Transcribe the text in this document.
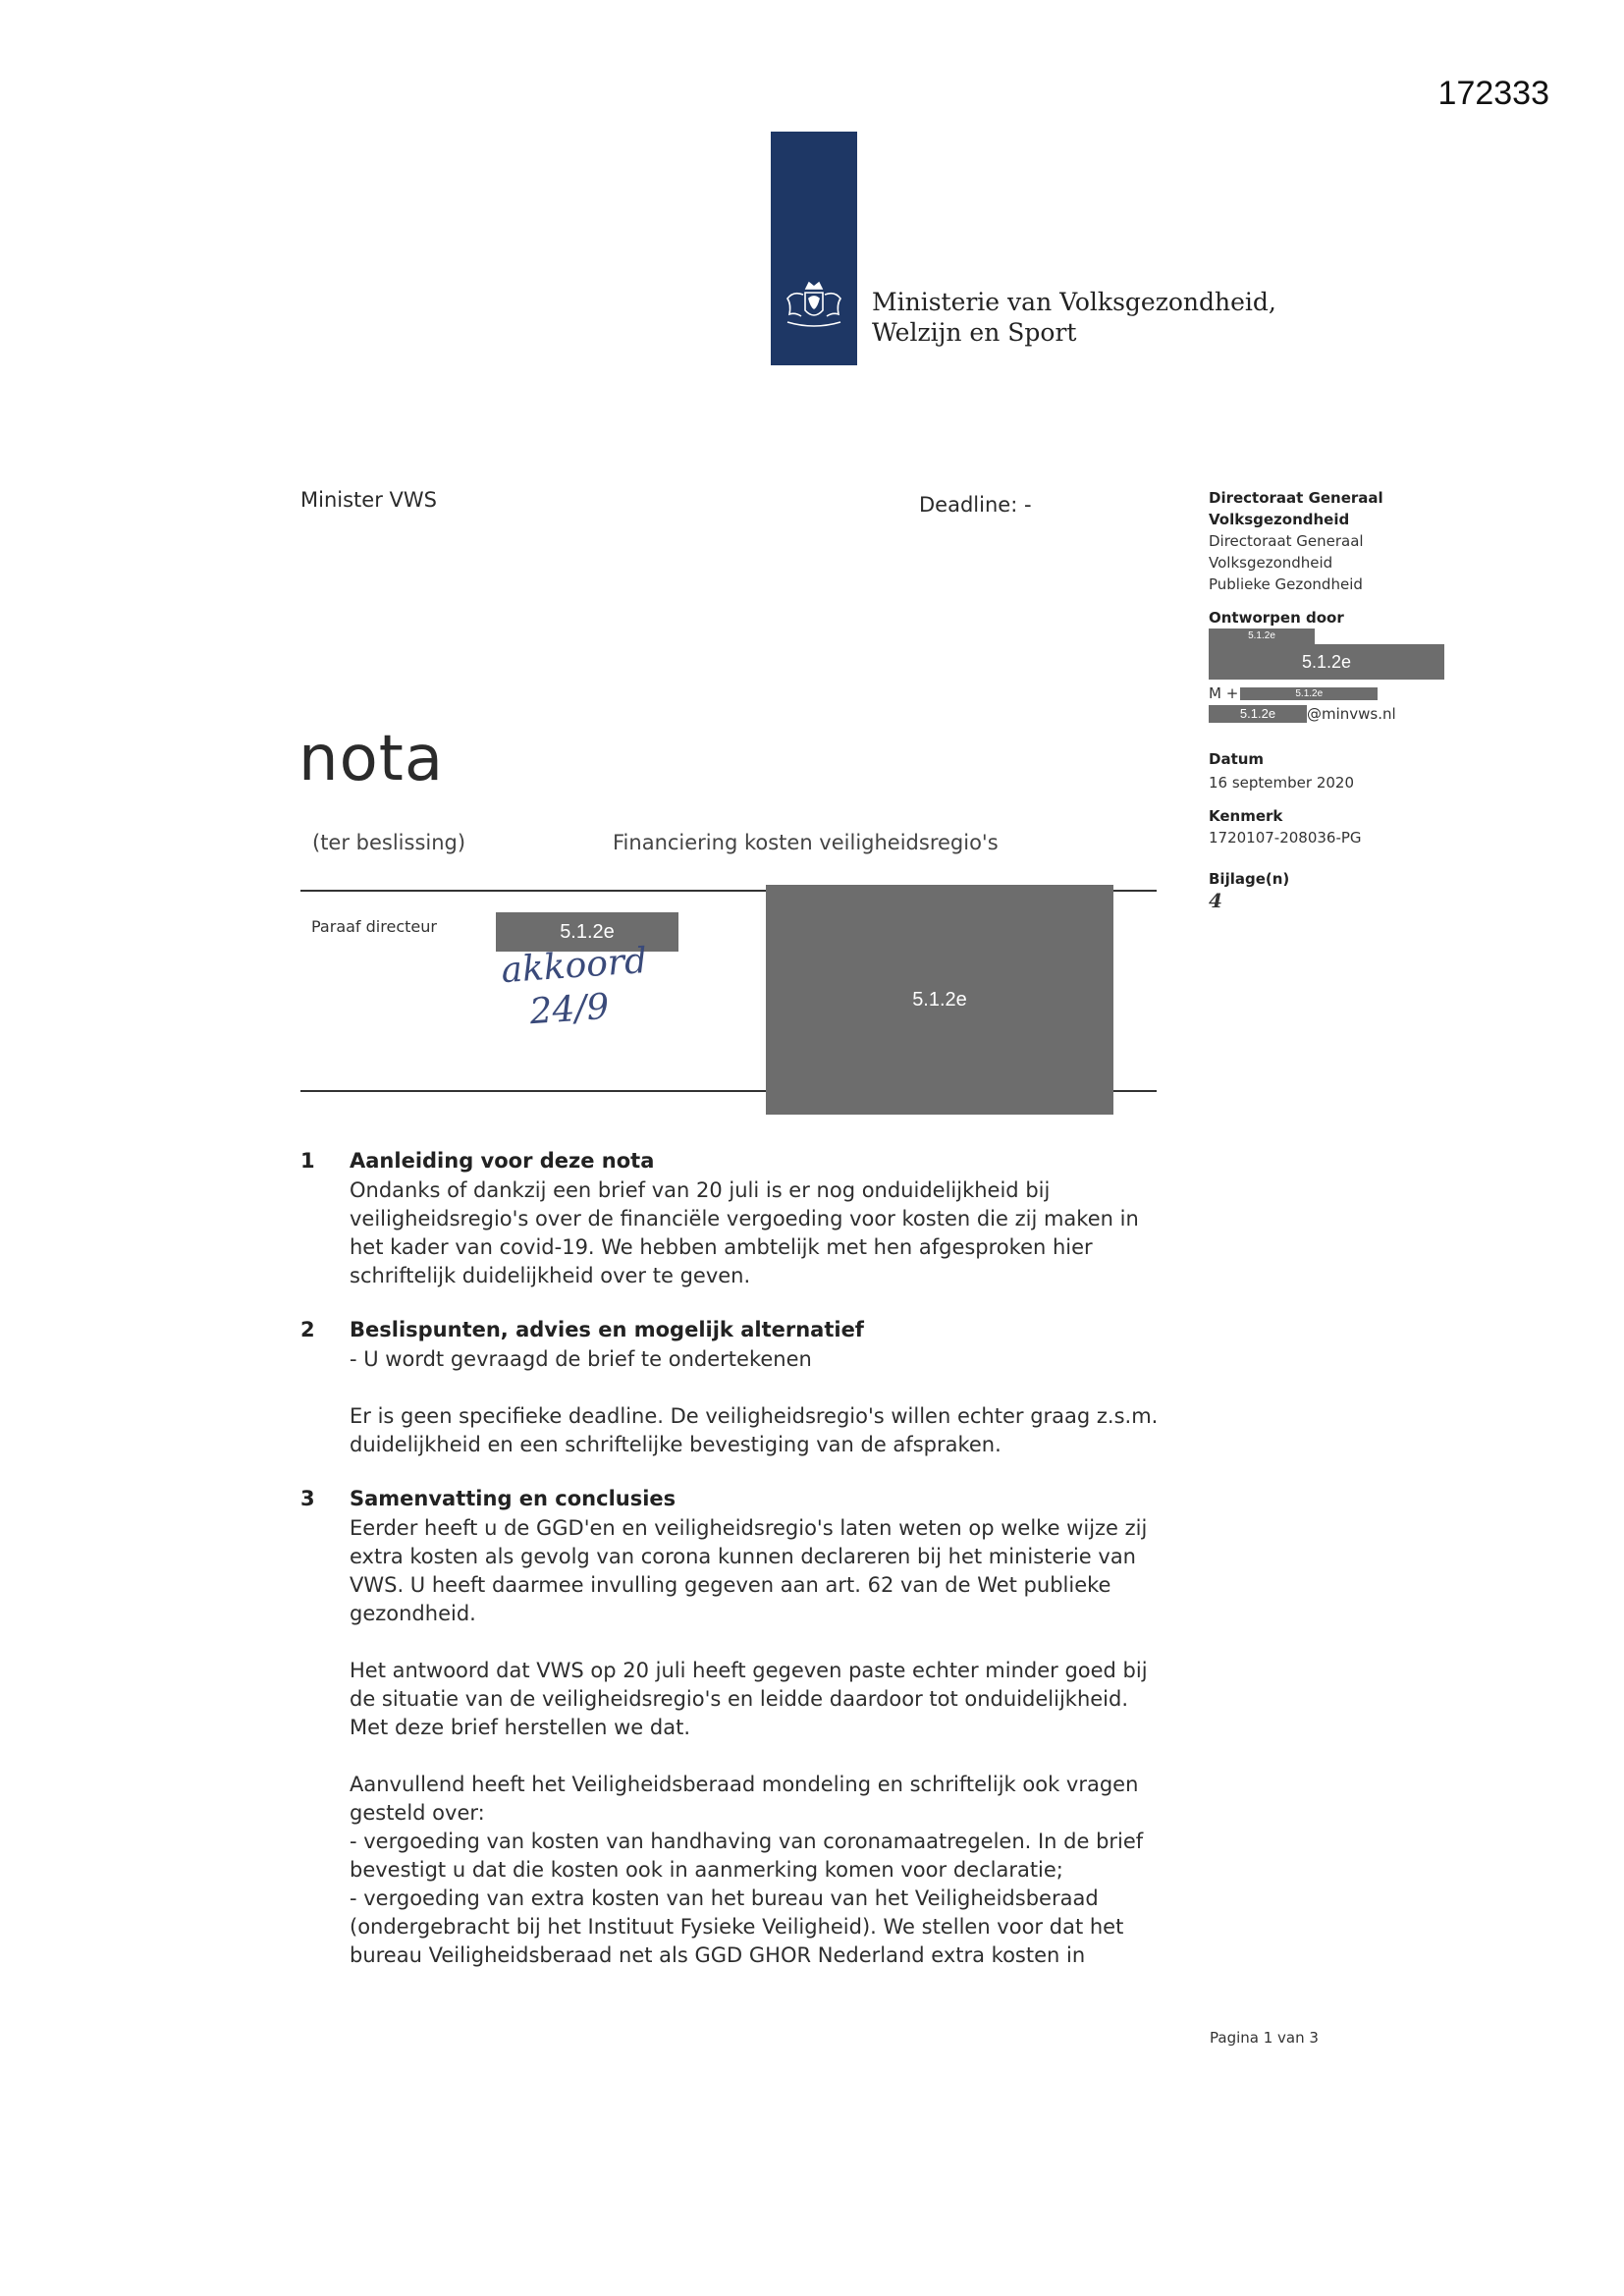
172333
Ministerie van Volksgezondheid,
Welzijn en Sport
Minister VWS	Deadline: -	Directoraat Generaal
Volksgezondheid
Directoraat Generaal
Volksgezondheid
Publieke Gezondheid
Ontworpen door
5.1.2e
5.1.2e
M +	5.1.2e
5.1.2e	@minvws.nl
Datum
16 september 2020
Kenmerk
1720107-208036-PG
Bijlage(n)
4
nota
(ter beslissing)	Financiering kosten veiligheidsregio's
Paraaf directeur	5.1.2e
akkoord
24/9	5.1.2e
1 Aanleiding voor deze nota
Ondanks of dankzij een brief van 20 juli is er nog onduidelijkheid bij
veiligheidsregio's over de financiële vergoeding voor kosten die zij maken in
het kader van covid-19. We hebben ambtelijk met hen afgesproken hier
schriftelijk duidelijkheid over te geven.
2 Beslispunten, advies en mogelijk alternatief
- U wordt gevraagd de brief te ondertekenen
Er is geen specifieke deadline. De veiligheidsregio's willen echter graag z.s.m.
duidelijkheid en een schriftelijke bevestiging van de afspraken.
3 Samenvatting en conclusies
Eerder heeft u de GGD'en en veiligheidsregio's laten weten op welke wijze zij
extra kosten als gevolg van corona kunnen declareren bij het ministerie van
VWS. U heeft daarmee invulling gegeven aan art. 62 van de Wet publieke
gezondheid.
Het antwoord dat VWS op 20 juli heeft gegeven paste echter minder goed bij
de situatie van de veiligheidsregio's en leidde daardoor tot onduidelijkheid.
Met deze brief herstellen we dat.
Aanvullend heeft het Veiligheidsberaad mondeling en schriftelijk ook vragen
gesteld over:
- vergoeding van kosten van handhaving van coronamaatregelen. In de brief
bevestigt u dat die kosten ook in aanmerking komen voor declaratie;
- vergoeding van extra kosten van het bureau van het Veiligheidsberaad
(ondergebracht bij het Instituut Fysieke Veiligheid). We stellen voor dat het
bureau Veiligheidsberaad net als GGD GHOR Nederland extra kosten in
Pagina 1 van 3
